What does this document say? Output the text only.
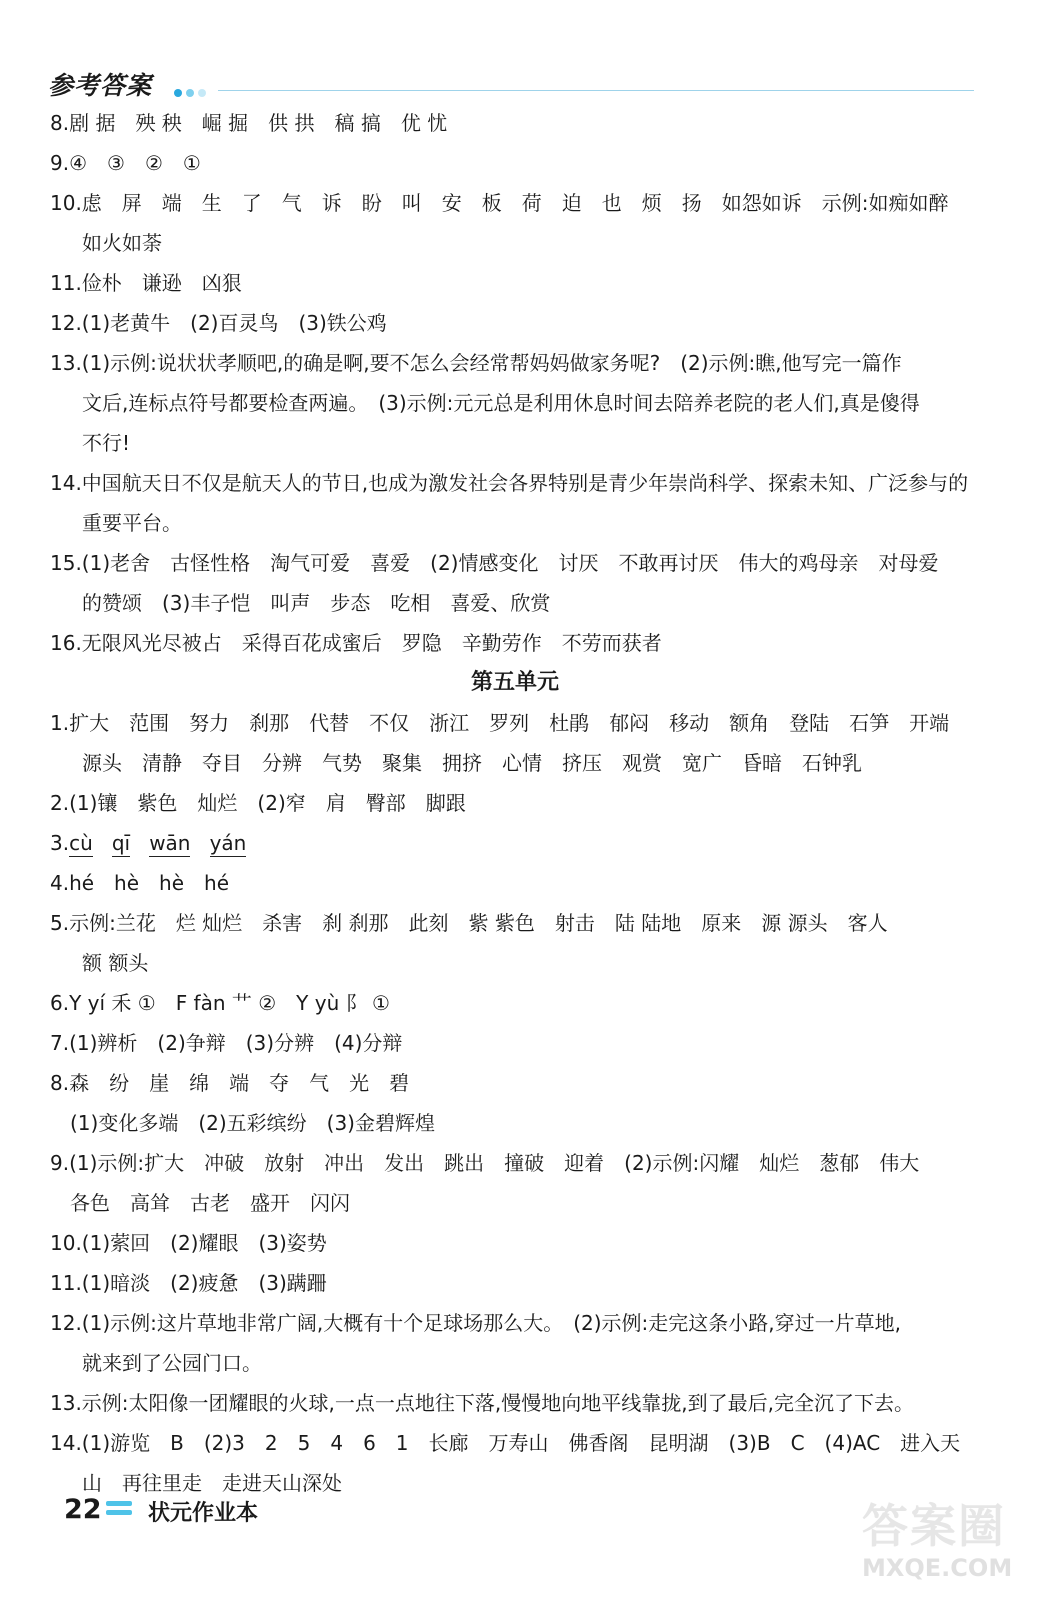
参考答案
8.剧 据　殃 秧　崛 掘　供 拱　稿 搞　优 忧
9.④　③　②　①
10.虑　屏　端　生　了　气　诉　盼　叫　安　板　荷　迫　也　烦　扬　如怨如诉　示例:如痴如醉
如火如荼
11.俭朴　谦逊　凶狠
12.(1)老黄牛　(2)百灵鸟　(3)铁公鸡
13.(1)示例:说状状孝顺吧,的确是啊,要不怎么会经常帮妈妈做家务呢?　(2)示例:瞧,他写完一篇作
文后,连标点符号都要检查两遍。　(3)示例:元元总是利用休息时间去陪养老院的老人们,真是傻得
不行!
14.中国航天日不仅是航天人的节日,也成为激发社会各界特别是青少年崇尚科学、探索未知、广泛参与的
重要平台。
15.(1)老舍　古怪性格　淘气可爱　喜爱　(2)情感变化　讨厌　不敢再讨厌　伟大的鸡母亲　对母爱
的赞颂　(3)丰子恺　叫声　步态　吃相　喜爱、欣赏
16.无限风光尽被占　采得百花成蜜后　罗隐　辛勤劳作　不劳而获者
第五单元
1.扩大　范围　努力　刹那　代替　不仅　浙江　罗列　杜鹃　郁闷　移动　额角　登陆　石笋　开端
源头　清静　夺目　分辨　气势　聚集　拥挤　心情　挤压　观赏　宽广　昏暗　石钟乳
2.(1)镶　紫色　灿烂　(2)窄　肩　臀部　脚跟
3.cù qī wān yán
4.hé　hè　hè　hé
5.示例:兰花　烂 灿烂　杀害　刹 刹那　此刻　紫 紫色　射击　陆 陆地　原来　源 源头　客人
额 额头
6.Y yí 禾 ①　F fàn 艹 ②　Y yù 阝 ①
7.(1)辨析　(2)争辩　(3)分辨　(4)分辩
8.森　纷　崖　绵　端　夺　气　光　碧
(1)变化多端　(2)五彩缤纷　(3)金碧辉煌
9.(1)示例:扩大　冲破　放射　冲出　发出　跳出　撞破　迎着　(2)示例:闪耀　灿烂　葱郁　伟大
各色　高耸　古老　盛开　闪闪
10.(1)萦回　(2)耀眼　(3)姿势
11.(1)暗淡　(2)疲惫　(3)蹒跚
12.(1)示例:这片草地非常广阔,大概有十个足球场那么大。　(2)示例:走完这条小路,穿过一片草地,
就来到了公园门口。
13.示例:太阳像一团耀眼的火球,一点一点地往下落,慢慢地向地平线靠拢,到了最后,完全沉了下去。
14.(1)游览　B　(2)3　2　5　4　6　1　长廊　万寿山　佛香阁　昆明湖　(3)B　C　(4)AC　进入天
山　再往里走　走进天山深处
22 状元作业本	答案圈
MXQE.COM
